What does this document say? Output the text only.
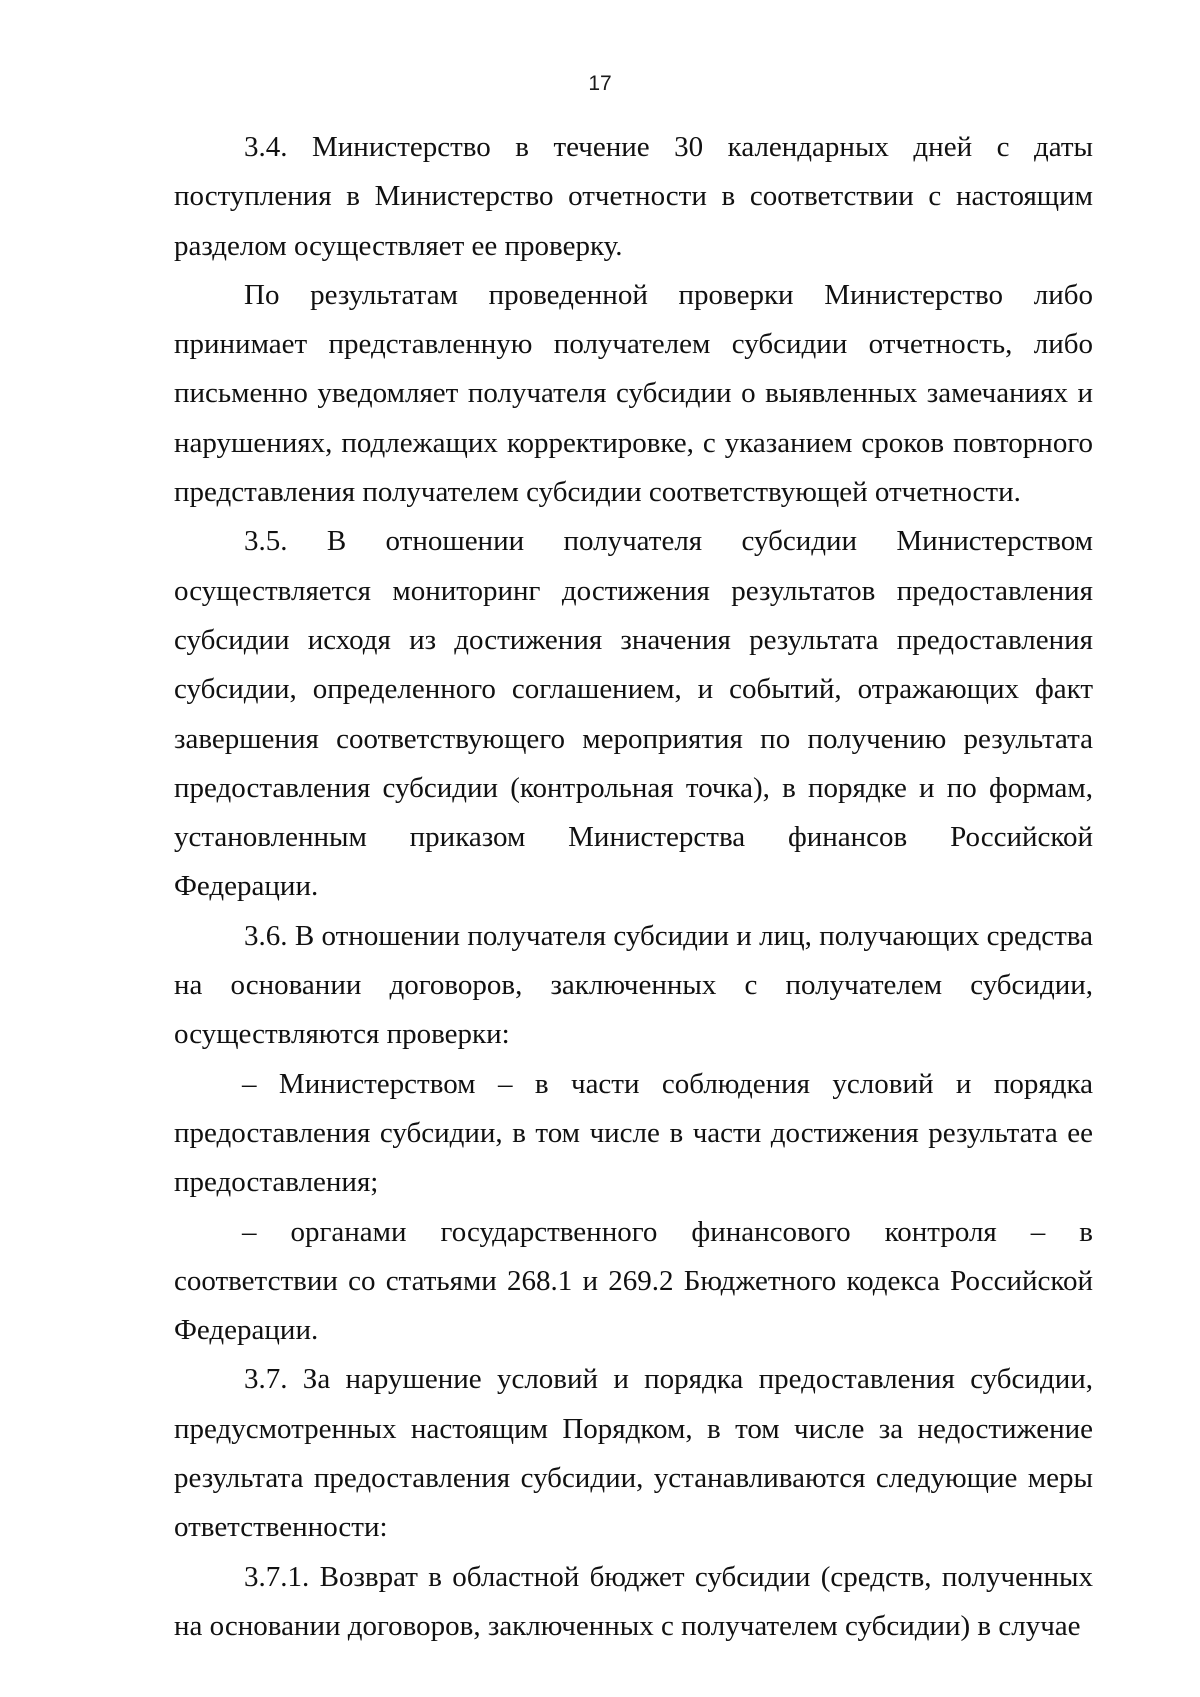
17

3.4. Министерство в течение 30 календарных дней с даты поступления в Министерство отчетности в соответствии с настоящим разделом осуществляет ее проверку.

По результатам проведенной проверки Министерство либо принимает представленную получателем субсидии отчетность, либо письменно уведомляет получателя субсидии о выявленных замечаниях и нарушениях, подлежащих корректировке, с указанием сроков повторного представления получателем субсидии соответствующей отчетности.

3.5. В отношении получателя субсидии Министерством осуществляется мониторинг достижения результатов предоставления субсидии исходя из достижения значения результата предоставления субсидии, определенного соглашением, и событий, отражающих факт завершения соответствующего мероприятия по получению результата предоставления субсидии (контрольная точка), в порядке и по формам, установленным приказом Министерства финансов Российской Федерации.

3.6. В отношении получателя субсидии и лиц, получающих средства на основании договоров, заключенных с получателем субсидии, осуществляются проверки:

– Министерством – в части соблюдения условий и порядка предоставления субсидии, в том числе в части достижения результата ее предоставления;

– органами государственного финансового контроля – в соответствии со статьями 268.1 и 269.2 Бюджетного кодекса Российской Федерации.

3.7. За нарушение условий и порядка предоставления субсидии, предусмотренных настоящим Порядком, в том числе за недостижение результата предоставления субсидии, устанавливаются следующие меры ответственности:

3.7.1. Возврат в областной бюджет субсидии (средств, полученных на основании договоров, заключенных с получателем субсидии) в случае
